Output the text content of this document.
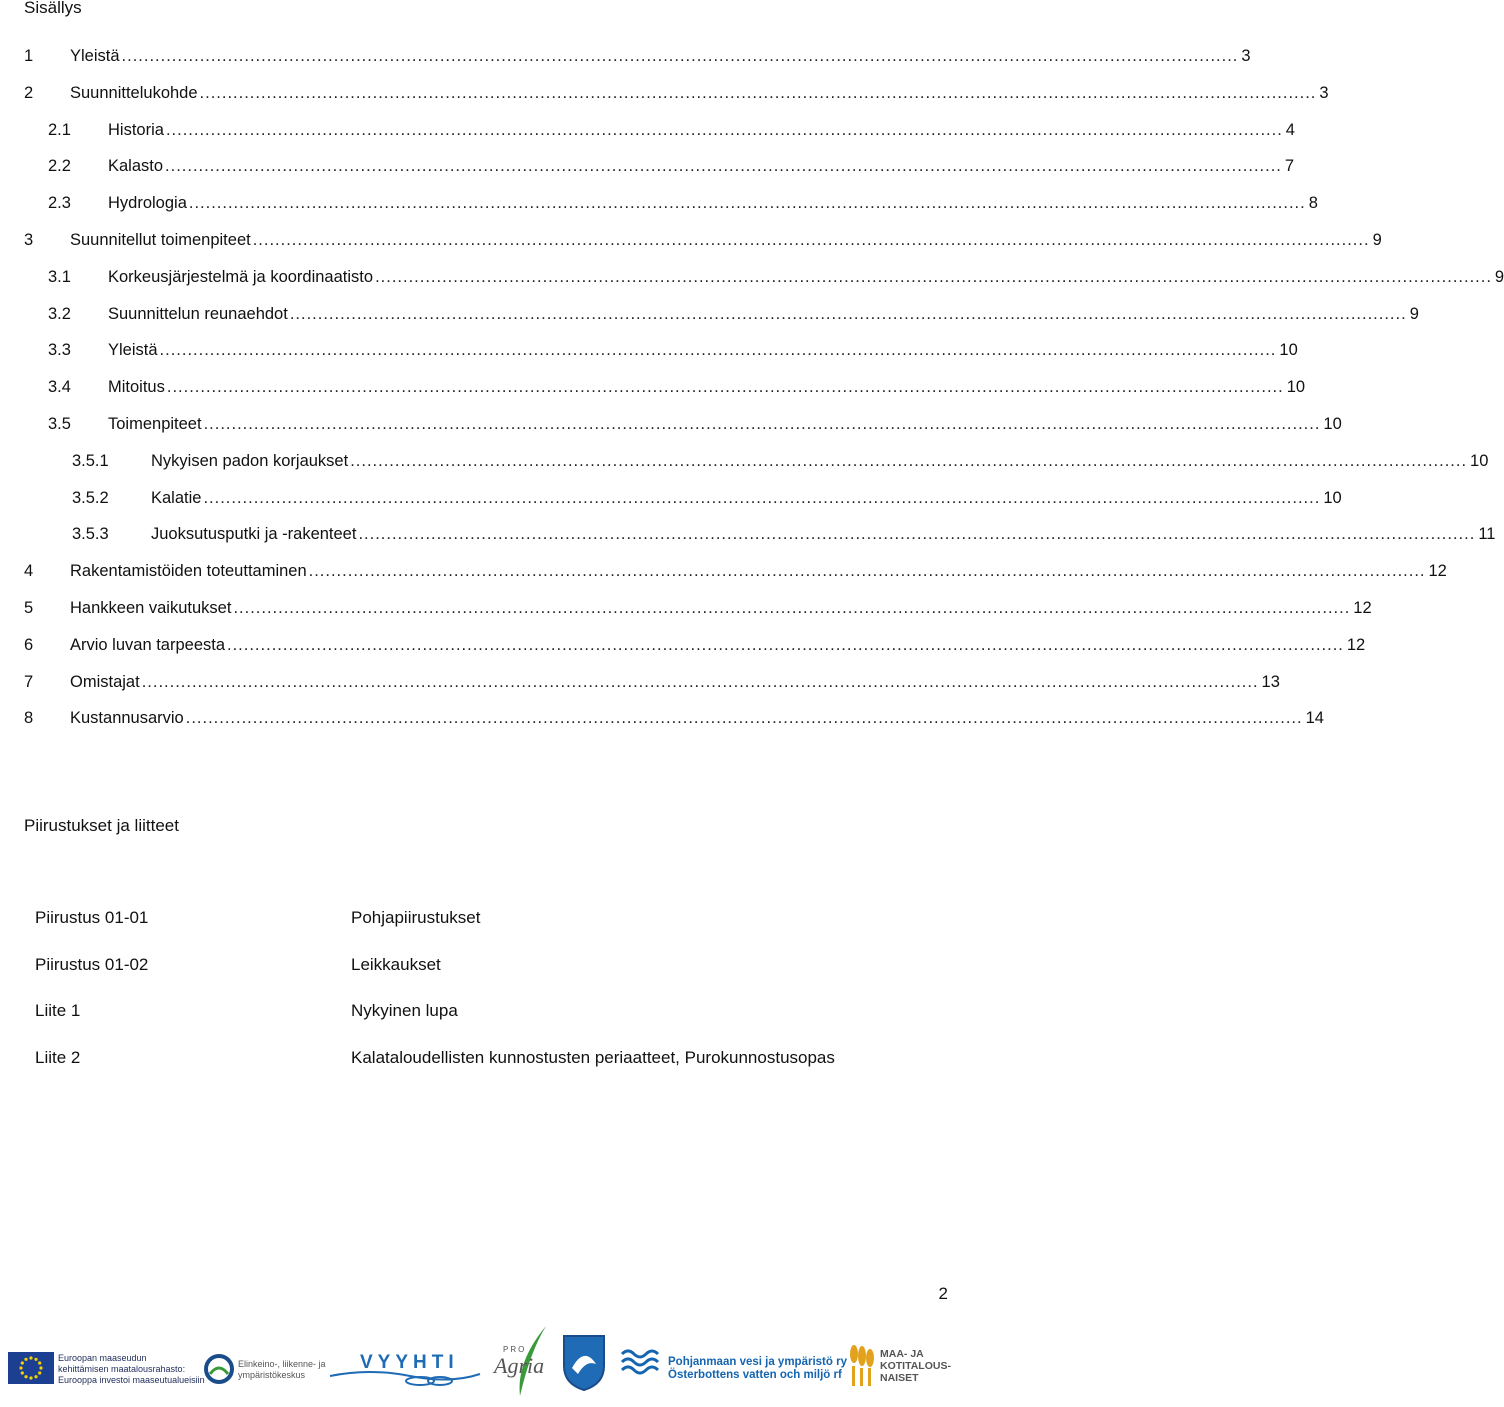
Sisällys
1 Yleistä ........................................................................................................................................................................................................ 3
2 Suunnittelukohde ........................................................................................................................................................................................................ 3
2.1 Historia ........................................................................................................................................................................................................ 4
2.2 Kalasto ........................................................................................................................................................................................................ 7
2.3 Hydrologia ........................................................................................................................................................................................................ 8
3 Suunnitellut toimenpiteet ........................................................................................................................................................................................................ 9
3.1 Korkeusjärjestelmä ja koordinaatisto ........................................................................................................................................................................................................ 9
3.2 Suunnittelun reunaehdot ........................................................................................................................................................................................................ 9
3.3 Yleistä ........................................................................................................................................................................................................ 10
3.4 Mitoitus ........................................................................................................................................................................................................ 10
3.5 Toimenpiteet ........................................................................................................................................................................................................ 10
3.5.1	Nykyisen padon korjaukset ........................................................................................................................................................................................................ 10
3.5.2	Kalatie ........................................................................................................................................................................................................ 10
3.5.3	Juoksutusputki ja -rakenteet ........................................................................................................................................................................................................ 11
4 Rakentamistöiden toteuttaminen ........................................................................................................................................................................................................ 12
5 Hankkeen vaikutukset ........................................................................................................................................................................................................ 12
6 Arvio luvan tarpeesta ........................................................................................................................................................................................................ 12
7 Omistajat ........................................................................................................................................................................................................ 13
8 Kustannusarvio ........................................................................................................................................................................................................ 14
Piirustukset ja liitteet
Piirustus 01-01	Pohjapiirustukset
Piirustus 01-02	Leikkaukset
Liite 1	Nykyinen lupa
Liite 2	Kalataloudellisten kunnostusten periaatteet, Purokunnostusopas
2
Euroopan maaseudun
kehittämisen maatalousrahasto:
Eurooppa investoi maaseutualueisiin
Elinkeino-, liikenne- ja
ympäristökeskus
VYYHTI
PRO
Agria	Pohjanmaan vesi ja ympäristö ry
Österbottens vatten och miljö rf
MAA- JA
KOTITALOUS-
NAISET
